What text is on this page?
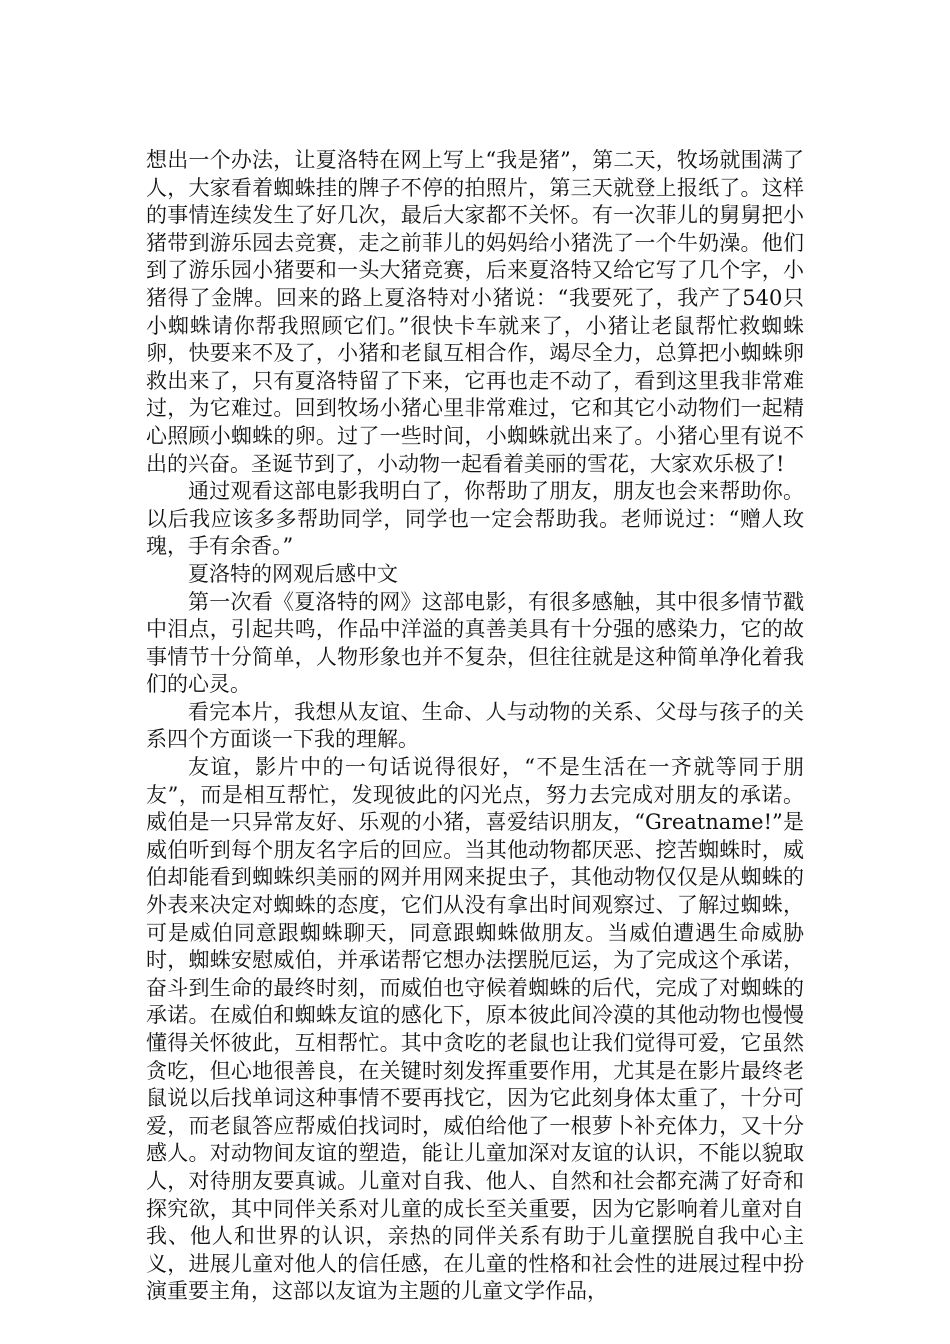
想出一个办法，让夏洛特在网上写上“我是猪”，第二天，牧场就围满了人，大家看着蜘蛛挂的牌子不停的拍照片，第三天就登上报纸了。这样的事情连续发生了好几次，最后大家都不关怀。有一次菲儿的舅舅把小猪带到游乐园去竞赛，走之前菲儿的妈妈给小猪洗了一个牛奶澡。他们到了游乐园小猪要和一头大猪竞赛，后来夏洛特又给它写了几个字，小猪得了金牌。回来的路上夏洛特对小猪说：“我要死了，我产了540只小蜘蛛请你帮我照顾它们。”很快卡车就来了，小猪让老鼠帮忙救蜘蛛卵，快要来不及了，小猪和老鼠互相合作，竭尽全力，总算把小蜘蛛卵救出来了，只有夏洛特留了下来，它再也走不动了，看到这里我非常难过，为它难过。回到牧场小猪心里非常难过，它和其它小动物们一起精心照顾小蜘蛛的卵。过了一些时间，小蜘蛛就出来了。小猪心里有说不出的兴奋。圣诞节到了，小动物一起看着美丽的雪花，大家欢乐极了!

通过观看这部电影我明白了，你帮助了朋友，朋友也会来帮助你。以后我应该多多帮助同学，同学也一定会帮助我。老师说过：“赠人玫瑰，手有余香。”

夏洛特的网观后感中文

第一次看《夏洛特的网》这部电影，有很多感触，其中很多情节戳中泪点，引起共鸣，作品中洋溢的真善美具有十分强的感染力，它的故事情节十分简单，人物形象也并不复杂，但往往就是这种简单净化着我们的心灵。

看完本片，我想从友谊、生命、人与动物的关系、父母与孩子的关系四个方面谈一下我的理解。

友谊，影片中的一句话说得很好，“不是生活在一齐就等同于朋友”，而是相互帮忙，发现彼此的闪光点，努力去完成对朋友的承诺。威伯是一只异常友好、乐观的小猪，喜爱结识朋友，“Greatname!”是威伯听到每个朋友名字后的回应。当其他动物都厌恶、挖苦蜘蛛时，威伯却能看到蜘蛛织美丽的网并用网来捉虫子，其他动物仅仅是从蜘蛛的外表来决定对蜘蛛的态度，它们从没有拿出时间观察过、了解过蜘蛛，可是威伯同意跟蜘蛛聊天，同意跟蜘蛛做朋友。当威伯遭遇生命威胁时，蜘蛛安慰威伯，并承诺帮它想办法摆脱厄运，为了完成这个承诺，奋斗到生命的最终时刻，而威伯也守候着蜘蛛的后代，完成了对蜘蛛的承诺。在威伯和蜘蛛友谊的感化下，原本彼此间冷漠的其他动物也慢慢懂得关怀彼此，互相帮忙。其中贪吃的老鼠也让我们觉得可爱，它虽然贪吃，但心地很善良，在关键时刻发挥重要作用，尤其是在影片最终老鼠说以后找单词这种事情不要再找它，因为它此刻身体太重了，十分可爱，而老鼠答应帮威伯找词时，威伯给他了一根萝卜补充体力，又十分感人。对动物间友谊的塑造，能让儿童加深对友谊的认识，不能以貌取人，对待朋友要真诚。儿童对自我、他人、自然和社会都充满了好奇和探究欲，其中同伴关系对儿童的成长至关重要，因为它影响着儿童对自我、他人和世界的认识，亲热的同伴关系有助于儿童摆脱自我中心主义，进展儿童对他人的信任感，在儿童的性格和社会性的进展过程中扮演重要主角，这部以友谊为主题的儿童文学作品，
